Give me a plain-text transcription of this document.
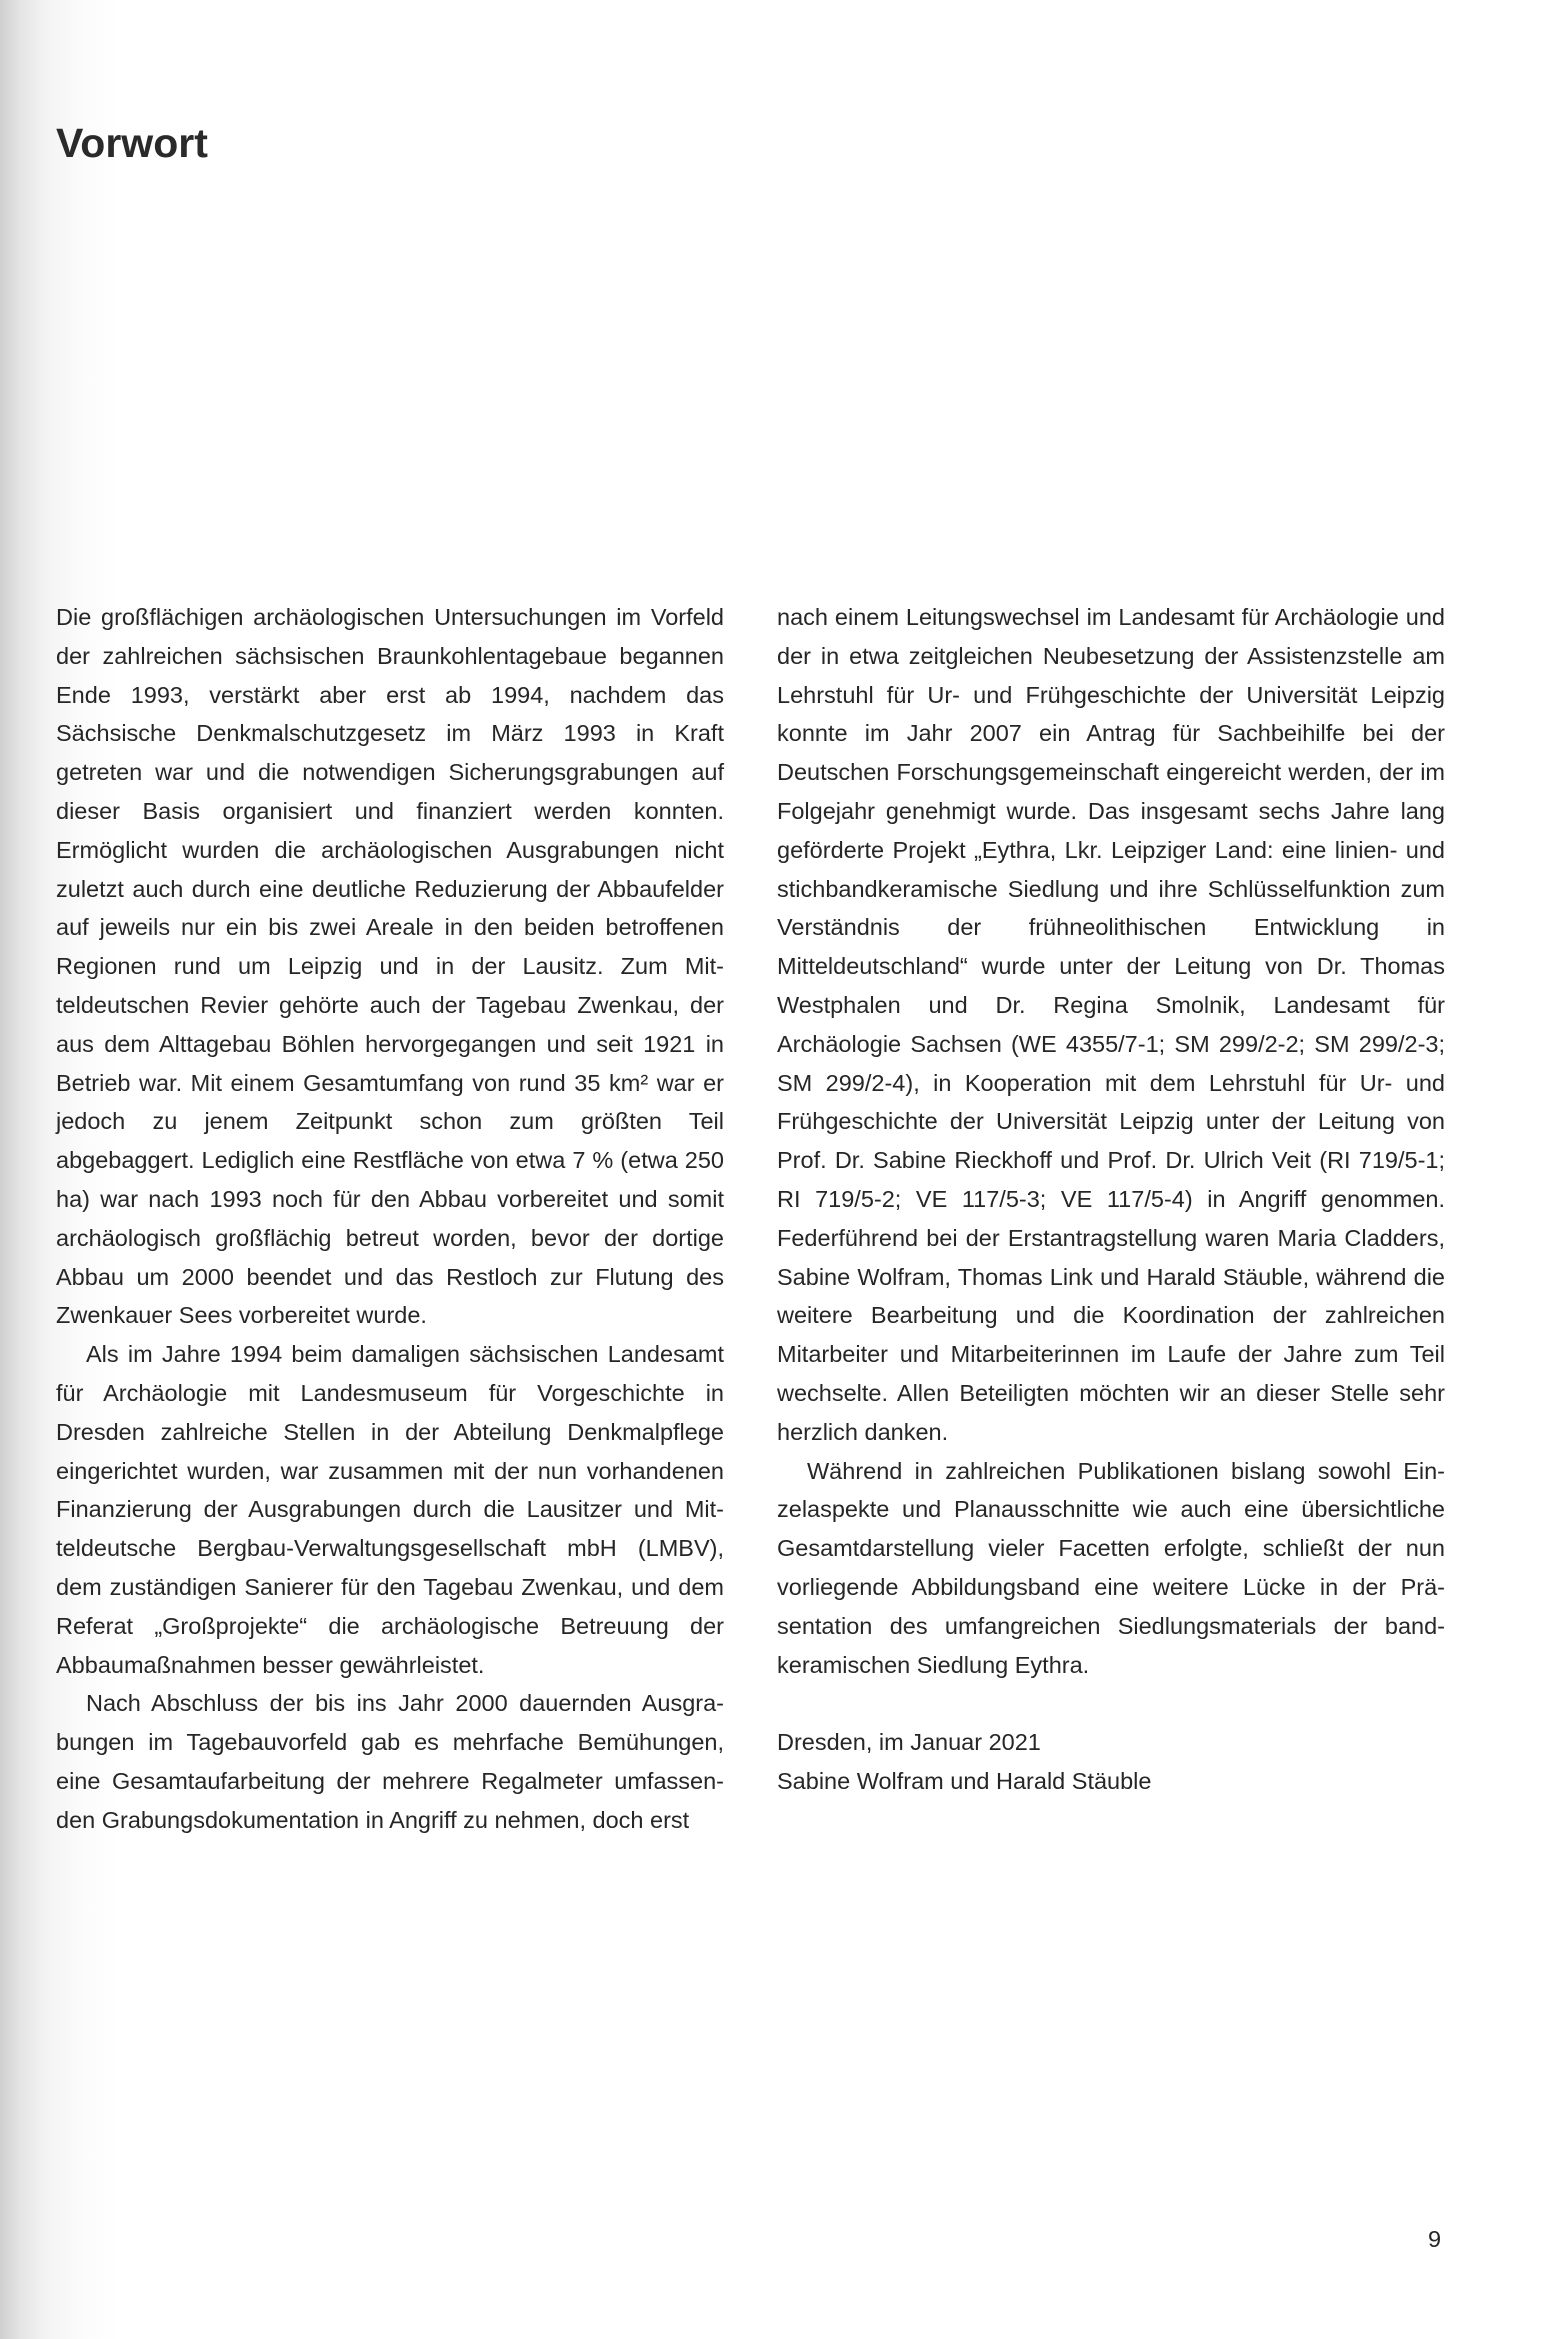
Vorwort

Die großflächigen archäologischen Untersuchungen im Vorfeld der zahlreichen sächsischen Braunkohlentagebaue begannen Ende 1993, verstärkt aber erst ab 1994, nachdem das Sächsische Denkmalschutzgesetz im März 1993 in Kraft getreten war und die notwendigen Sicherungsgrabungen auf dieser Basis organisiert und finanziert werden konnten. Ermöglicht wurden die archäologischen Ausgrabungen nicht zuletzt auch durch eine deutliche Reduzierung der Abbaufelder auf jeweils nur ein bis zwei Areale in den beiden betroffenen Regionen rund um Leipzig und in der Lausitz. Zum Mitteldeutschen Revier gehörte auch der Tagebau Zwenkau, der aus dem Alttagebau Böhlen hervorgegangen und seit 1921 in Betrieb war. Mit einem Gesamtumfang von rund 35 km² war er jedoch zu jenem Zeitpunkt schon zum größten Teil abgebaggert. Lediglich eine Restfläche von etwa 7 % (etwa 250 ha) war nach 1993 noch für den Abbau vorbereitet und somit archäologisch großflächig betreut worden, bevor der dortige Abbau um 2000 beendet und das Restloch zur Flutung des Zwenkauer Sees vorbereitet wurde.

Als im Jahre 1994 beim damaligen sächsischen Landesamt für Archäologie mit Landesmuseum für Vorgeschichte in Dresden zahlreiche Stellen in der Abteilung Denkmalpflege eingerichtet wurden, war zusammen mit der nun vorhandenen Finanzierung der Ausgrabungen durch die Lausitzer und Mitteldeutsche Bergbau-Verwaltungsgesellschaft mbH (LMBV), dem zuständigen Sanierer für den Tagebau Zwenkau, und dem Referat „Großprojekte“ die archäologische Betreuung der Abbaumaßnahmen besser gewährleistet.

Nach Abschluss der bis ins Jahr 2000 dauernden Ausgrabungen im Tagebauvorfeld gab es mehrfache Bemühungen, eine Gesamtaufarbeitung der mehrere Regalmeter umfassenden Grabungsdokumentation in Angriff zu nehmen, doch erst

nach einem Leitungswechsel im Landesamt für Archäologie und der in etwa zeitgleichen Neubesetzung der Assistenzstelle am Lehrstuhl für Ur- und Frühgeschichte der Universität Leipzig konnte im Jahr 2007 ein Antrag für Sachbeihilfe bei der Deutschen Forschungsgemeinschaft eingereicht werden, der im Folgejahr genehmigt wurde. Das insgesamt sechs Jahre lang geförderte Projekt „Eythra, Lkr. Leipziger Land: eine linien- und stichbandkeramische Siedlung und ihre Schlüsselfunktion zum Verständnis der frühneolithischen Entwicklung in Mitteldeutschland“ wurde unter der Leitung von Dr. Thomas Westphalen und Dr. Regina Smolnik, Landesamt für Archäologie Sachsen (WE 4355/7-1; SM 299/2-2; SM 299/2-3; SM 299/2-4), in Kooperation mit dem Lehrstuhl für Ur- und Frühgeschichte der Universität Leipzig unter der Leitung von Prof. Dr. Sabine Rieckhoff und Prof. Dr. Ulrich Veit (RI 719/5-1; RI 719/5-2; VE 117/5-3; VE 117/5-4) in Angriff genommen. Federführend bei der Erstantragstellung waren Maria Cladders, Sabine Wolfram, Thomas Link und Harald Stäuble, während die weitere Bearbeitung und die Koordination der zahlreichen Mitarbeiter und Mitarbeiterinnen im Laufe der Jahre zum Teil wechselte. Allen Beteiligten möchten wir an dieser Stelle sehr herzlich danken.

Während in zahlreichen Publikationen bislang sowohl Einzelaspekte und Planausschnitte wie auch eine übersichtliche Gesamtdarstellung vieler Facetten erfolgte, schließt der nun vorliegende Abbildungsband eine weitere Lücke in der Präsentation des umfangreichen Siedlungsmaterials der bandkeramischen Siedlung Eythra.

Dresden, im Januar 2021
Sabine Wolfram und Harald Stäuble
9
